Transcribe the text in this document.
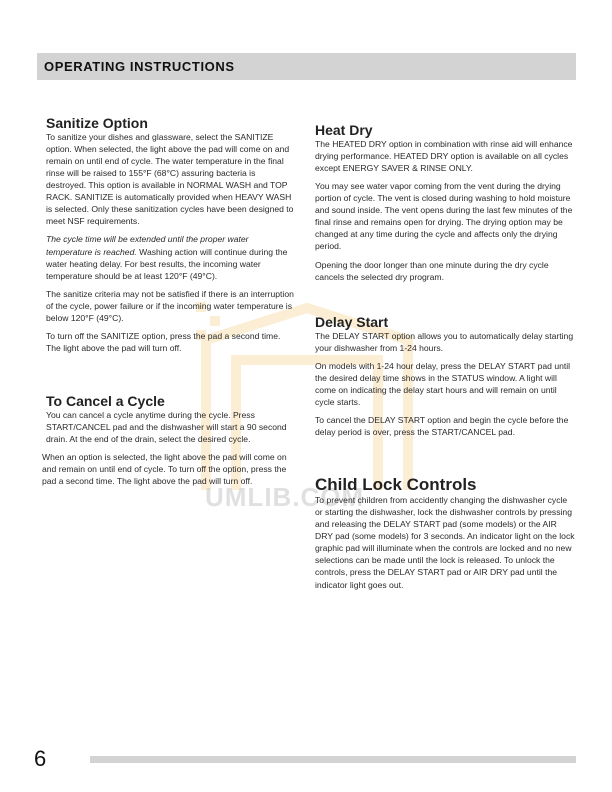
OPERATING INSTRUCTIONS
UMLIB.COM
Sanitize Option

To sanitize your dishes and glassware, select the SANITIZE option. When selected, the light above the pad will come on and remain on until end of cycle. The water temperature in the final rinse will be raised to 155°F (68°C) assuring bacteria is destroyed. This option is available in NORMAL WASH and TOP RACK. SANITIZE is automatically provided when HEAVY WASH is selected. Only these sanitization cycles have been designed to meet NSF requirements.

The cycle time will be extended until the proper water temperature is reached. Washing action will continue during the water heating delay. For best results, the incoming water temperature should be at least 120°F (49°C).

The sanitize criteria may not be satisfied if there is an interruption of the cycle, power failure or if the incoming water temperature is below 120°F (49°C).

To turn off the SANITIZE option, press the pad a second time. The light above the pad will turn off.

To Cancel a Cycle

You can cancel a cycle anytime during the cycle. Press START/CANCEL pad and the dishwasher will start a 90 second drain. At the end of the drain, select the desired cycle.

When an option is selected, the light above the pad will come on and remain on until end of cycle. To turn off the option, press the pad a second time. The light above the pad will turn off.

Heat Dry

The HEATED DRY option in combination with rinse aid will enhance drying performance. HEATED DRY option is available on all cycles except ENERGY SAVER & RINSE ONLY.

You may see water vapor coming from the vent during the drying portion of cycle. The vent is closed during washing to hold moisture and sound inside. The vent opens during the last few minutes of the final rinse and remains open for drying. The drying option may be changed at any time during the cycle and affects only the drying period.

Opening the door longer than one minute during the dry cycle cancels the selected dry program.

Delay Start

The DELAY START option allows you to automatically delay starting your dishwasher from 1-24 hours.

On models with 1-24 hour delay, press the DELAY START pad until the desired delay time shows in the STATUS window. A light will come on indicating the delay start hours and will remain on until cycle starts.

To cancel the DELAY START option and begin the cycle before the delay period is over, press the START/CANCEL pad.

Child Lock Controls

To prevent children from accidently changing the dishwasher cycle or starting the dishwasher, lock the dishwasher controls by pressing and releasing the DELAY START pad (some models) or the AIR DRY pad (some models) for 3 seconds. An indicator light on the lock graphic pad will illuminate when the controls are locked and no new selections can be made until the lock is released. To unlock the controls, press the DELAY START pad or AIR DRY pad until the indicator light goes out.

6
